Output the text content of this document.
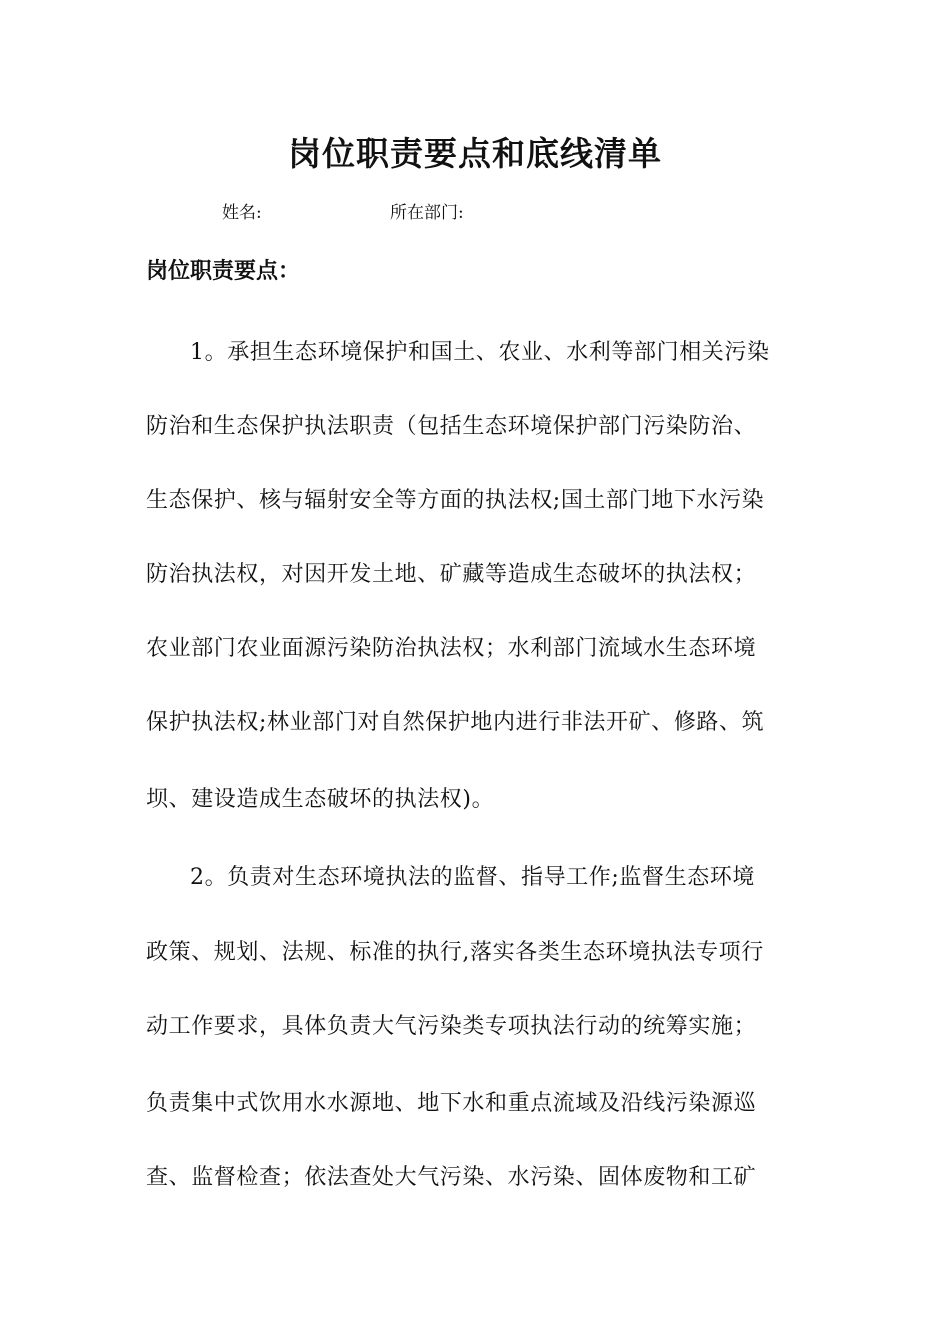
岗位职责要点和底线清单
姓名:	所在部门:
岗位职责要点：
1。承担生态环境保护和国土、农业、水利等部门相关污染
防治和生态保护执法职责（包括生态环境保护部门污染防治、
生态保护、核与辐射安全等方面的执法权;国土部门地下水污染
防治执法权，对因开发土地、矿藏等造成生态破坏的执法权；
农业部门农业面源污染防治执法权；水利部门流域水生态环境
保护执法权;林业部门对自然保护地内进行非法开矿、修路、筑
坝、建设造成生态破坏的执法权)。
2。负责对生态环境执法的监督、指导工作;监督生态环境
政策、规划、法规、标准的执行,落实各类生态环境执法专项行
动工作要求，具体负责大气污染类专项执法行动的统筹实施；
负责集中式饮用水水源地、地下水和重点流域及沿线污染源巡
查、监督检查；依法查处大气污染、水污染、固体废物和工矿
